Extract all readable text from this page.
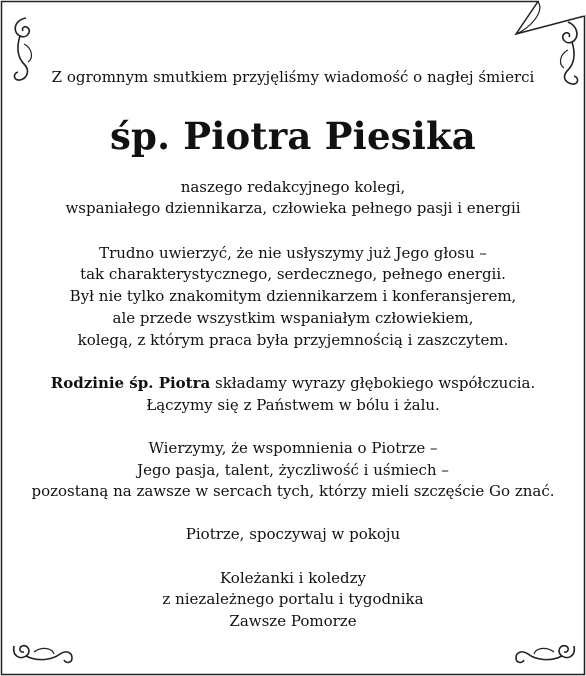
Z ogromnym smutkiem przyjęliśmy wiadomość o nagłej śmierci
śp. Piotra Piesika
naszego redakcyjnego kolegi,
wspaniałego dziennikarza, człowieka pełnego pasji i energii
Trudno uwierzyć, że nie usłyszymy już Jego głosu –
tak charakterystycznego, serdecznego, pełnego energii.
Był nie tylko znakomitym dziennikarzem i konferansjerem,
ale przede wszystkim wspaniałym człowiekiem,
kolegą, z którym praca była przyjemnością i zaszczytem.
Rodzinie śp. Piotra składamy wyrazy głębokiego współczucia.
Łączymy się z Państwem w bólu i żalu.
Wierzymy, że wspomnienia o Piotrze –
Jego pasja, talent, życzliwość i uśmiech –
pozostaną na zawsze w sercach tych, którzy mieli szczęście Go znać.
Piotrze, spoczywaj w pokoju
Koleżanki i koledzy
z niezależnego portalu i tygodnika
Zawsze Pomorze
